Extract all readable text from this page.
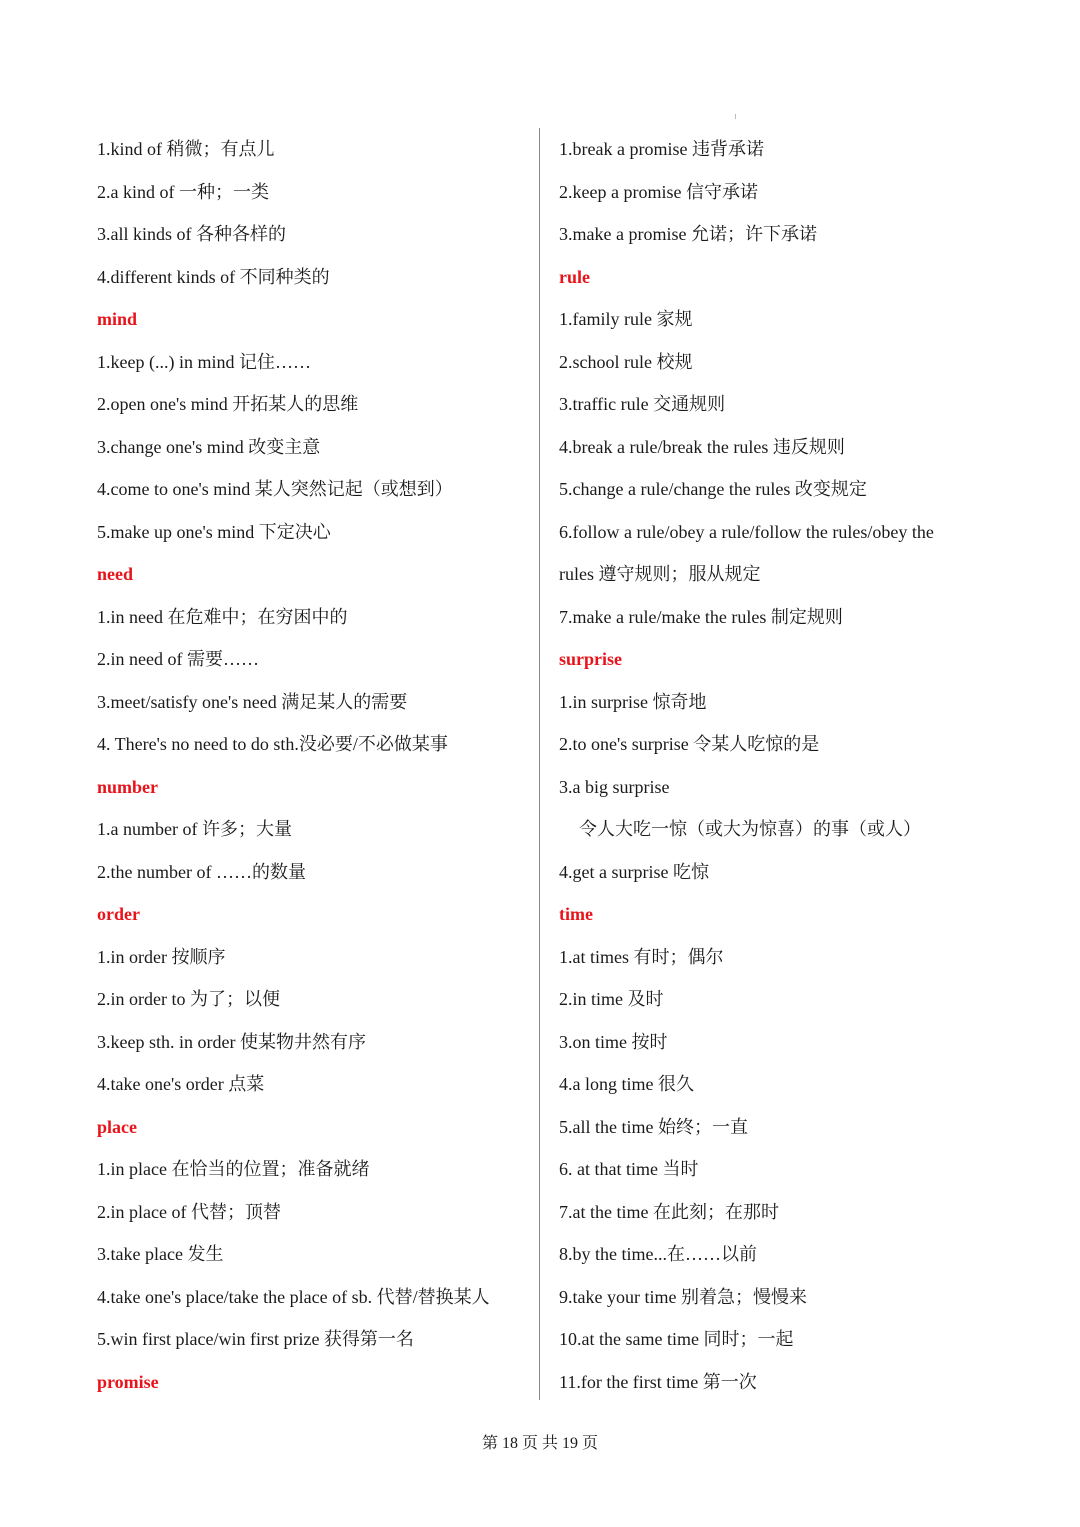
1.kind of 稍微；有点儿
2.a kind of 一种；一类
3.all kinds of 各种各样的
4.different kinds of 不同种类的
mind
1.keep (...) in mind 记住……
2.open one's mind 开拓某人的思维
3.change one's mind 改变主意
4.come to one's mind 某人突然记起（或想到）
5.make up one's mind 下定决心
need
1.in need 在危难中；在穷困中的
2.in need of 需要……
3.meet/satisfy one's need 满足某人的需要
4. There's no need to do sth.没必要/不必做某事
number
1.a number of 许多；大量
2.the number of ……的数量
order
1.in order 按顺序
2.in order to 为了；以便
3.keep sth. in order 使某物井然有序
4.take one's order 点菜
place
1.in place 在恰当的位置；准备就绪
2.in place of 代替；顶替
3.take place 发生
4.take one's place/take the place of sb. 代替/替换某人
5.win first place/win first prize 获得第一名
promise
1.break a promise 违背承诺
2.keep a promise 信守承诺
3.make a promise 允诺；许下承诺
rule
1.family rule 家规
2.school rule 校规
3.traffic rule 交通规则
4.break a rule/break the rules 违反规则
5.change a rule/change the rules 改变规定
6.follow a rule/obey a rule/follow the rules/obey the
rules 遵守规则；服从规定
7.make a rule/make the rules 制定规则
surprise
1.in surprise 惊奇地
2.to one's surprise 令某人吃惊的是
3.a big surprise
令人大吃一惊（或大为惊喜）的事（或人）
4.get a surprise 吃惊
time
1.at times 有时；偶尔
2.in time 及时
3.on time 按时
4.a long time 很久
5.all the time 始终；一直
6. at that time 当时
7.at the time 在此刻；在那时
8.by the time...在……以前
9.take your time 别着急；慢慢来
10.at the same time 同时；一起
11.for the first time 第一次
第 18 页 共 19 页
